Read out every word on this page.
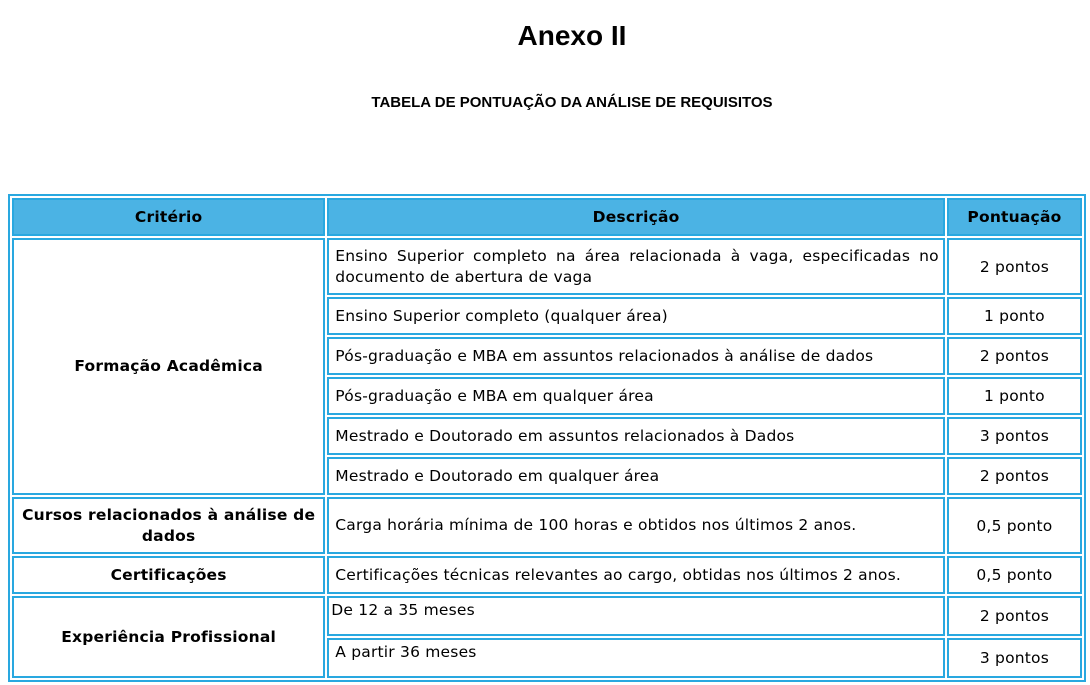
Anexo II
TABELA DE PONTUAÇÃO DA ANÁLISE DE REQUISITOS
Critério	Descrição	Pontuação
Formação Acadêmica	Ensino Superior completo na área relacionada à vaga, especificadas no documento de abertura de vaga	2 pontos
	Ensino Superior completo (qualquer área)	1 ponto
	Pós-graduação e MBA em assuntos relacionados à análise de dados	2 pontos
	Pós-graduação e MBA em qualquer área	1 ponto
	Mestrado e Doutorado em assuntos relacionados à Dados	3 pontos
	Mestrado e Doutorado em qualquer área	2 pontos
Cursos relacionados à análise de dados	Carga horária mínima de 100 horas e obtidos nos últimos 2 anos.	0,5 ponto
Certificações	Certificações técnicas relevantes ao cargo, obtidas nos últimos 2 anos.	0,5 ponto
Experiência Profissional	De 12 a 35 meses	2 pontos
	A partir 36 meses	3 pontos
